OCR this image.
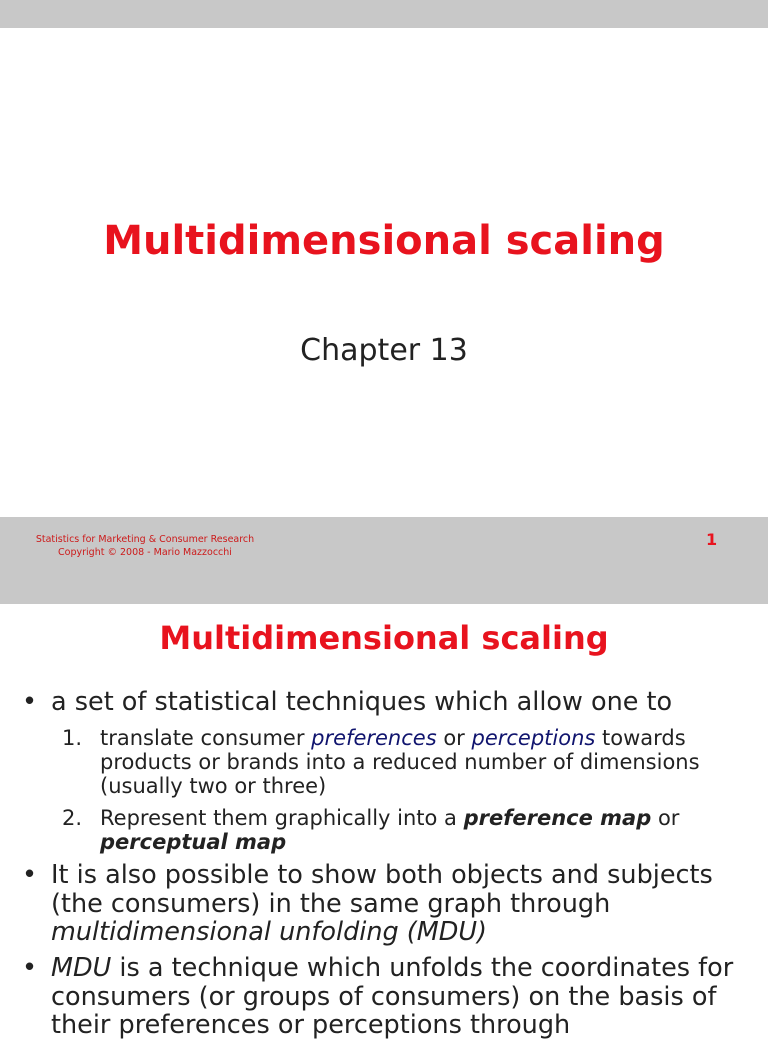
Multidimensional scaling
Chapter 13
Statistics for Marketing & Consumer Research
Copyright © 2008 - Mario Mazzocchi
1
Multidimensional scaling
• a set of statistical techniques which allow one to
1. translate consumer preferences or perceptions towards products or brands into a reduced number of dimensions (usually two or three)
2. Represent them graphically into a preference map or perceptual map
• It is also possible to show both objects and subjects (the consumers) in the same graph through multidimensional unfolding (MDU)
• MDU is a technique which unfolds the coordinates for consumers (or groups of consumers) on the basis of their preferences or perceptions through
